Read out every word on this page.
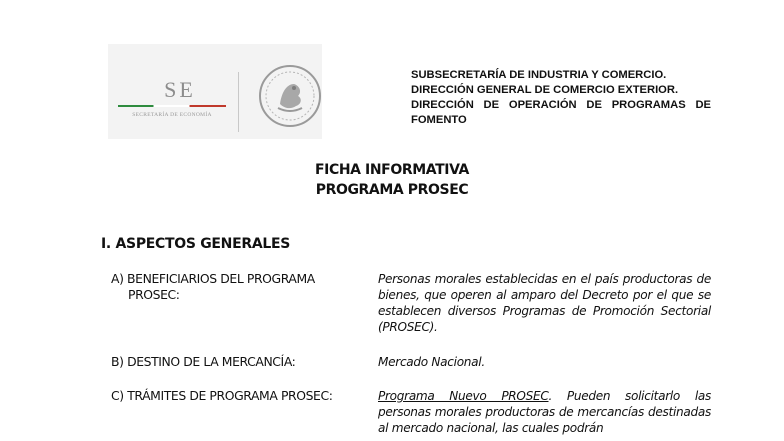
SE
SECRETARÍA DE ECONOMÍA
SUBSECRETARÍA DE INDUSTRIA Y COMERCIO.
DIRECCIÓN GENERAL DE COMERCIO EXTERIOR.
DIRECCIÓN DE OPERACIÓN DE PROGRAMAS DE
FOMENTO
FICHA INFORMATIVA
PROGRAMA PROSEC
I. ASPECTOS GENERALES
A) BENEFICIARIOS DEL PROGRAMA
PROSEC:
Personas morales establecidas en el país productoras de bienes, que operen al amparo del Decreto por el que se establecen diversos Programas de Promoción Sectorial (PROSEC).
B) DESTINO DE LA MERCANCÍA:	Mercado Nacional.
C) TRÁMITES DE PROGRAMA PROSEC:	Programa Nuevo PROSEC. Pueden solicitarlo las personas morales productoras de mercancías destinadas al mercado nacional, las cuales podrán
